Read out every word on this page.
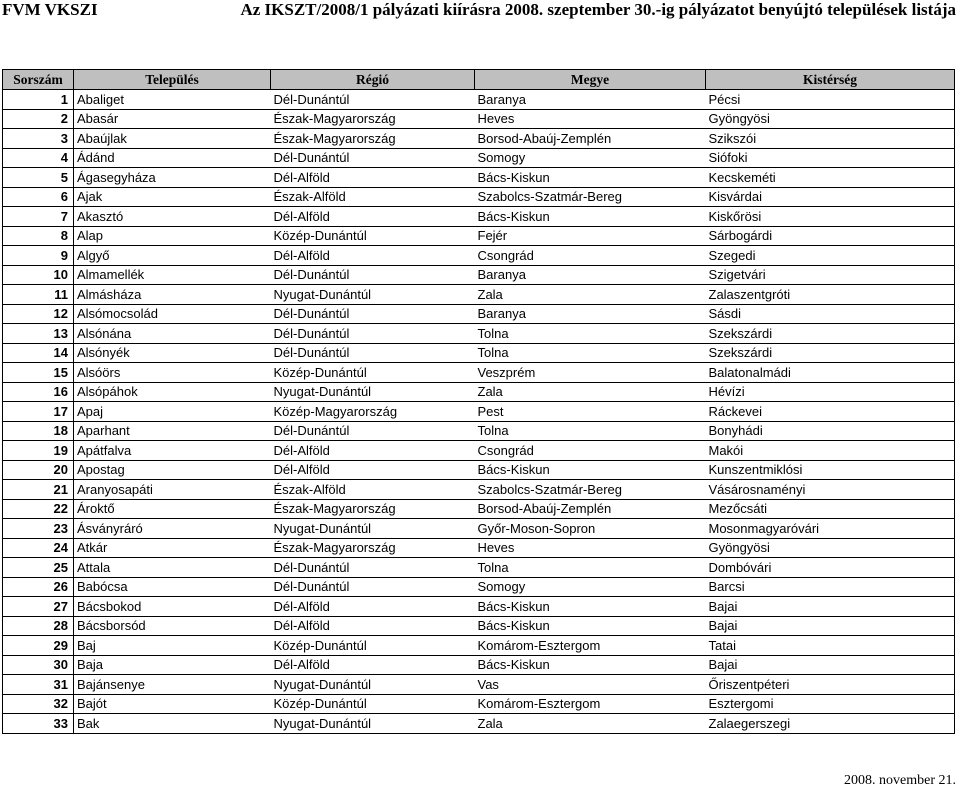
FVM VKSZI	Az IKSZT/2008/1 pályázati kiírásra 2008. szeptember 30.-ig pályázatot benyújtó települések listája
Sorszám	Település	Régió	Megye	Kistérség
1	Abaliget	Dél-Dunántúl	Baranya	Pécsi
2	Abasár	Észak-Magyarország	Heves	Gyöngyösi
3	Abaújlak	Észak-Magyarország	Borsod-Abaúj-Zemplén	Szikszói
4	Ádánd	Dél-Dunántúl	Somogy	Siófoki
5	Ágasegyháza	Dél-Alföld	Bács-Kiskun	Kecskeméti
6	Ajak	Észak-Alföld	Szabolcs-Szatmár-Bereg	Kisvárdai
7	Akasztó	Dél-Alföld	Bács-Kiskun	Kiskőrösi
8	Alap	Közép-Dunántúl	Fejér	Sárbogárdi
9	Algyő	Dél-Alföld	Csongrád	Szegedi
10	Almamellék	Dél-Dunántúl	Baranya	Szigetvári
11	Almásháza	Nyugat-Dunántúl	Zala	Zalaszentgróti
12	Alsómocsolád	Dél-Dunántúl	Baranya	Sásdi
13	Alsónána	Dél-Dunántúl	Tolna	Szekszárdi
14	Alsónyék	Dél-Dunántúl	Tolna	Szekszárdi
15	Alsóörs	Közép-Dunántúl	Veszprém	Balatonalmádi
16	Alsópáhok	Nyugat-Dunántúl	Zala	Hévízi
17	Apaj	Közép-Magyarország	Pest	Ráckevei
18	Aparhant	Dél-Dunántúl	Tolna	Bonyhádi
19	Apátfalva	Dél-Alföld	Csongrád	Makói
20	Apostag	Dél-Alföld	Bács-Kiskun	Kunszentmiklósi
21	Aranyosapáti	Észak-Alföld	Szabolcs-Szatmár-Bereg	Vásárosnaményi
22	Ároktő	Észak-Magyarország	Borsod-Abaúj-Zemplén	Mezőcsáti
23	Ásványráró	Nyugat-Dunántúl	Győr-Moson-Sopron	Mosonmagyaróvári
24	Atkár	Észak-Magyarország	Heves	Gyöngyösi
25	Attala	Dél-Dunántúl	Tolna	Dombóvári
26	Babócsa	Dél-Dunántúl	Somogy	Barcsi
27	Bácsbokod	Dél-Alföld	Bács-Kiskun	Bajai
28	Bácsborsód	Dél-Alföld	Bács-Kiskun	Bajai
29	Baj	Közép-Dunántúl	Komárom-Esztergom	Tatai
30	Baja	Dél-Alföld	Bács-Kiskun	Bajai
31	Bajánsenye	Nyugat-Dunántúl	Vas	Őriszentpéteri
32	Bajót	Közép-Dunántúl	Komárom-Esztergom	Esztergomi
33	Bak	Nyugat-Dunántúl	Zala	Zalaegerszegi
2008. november 21.
